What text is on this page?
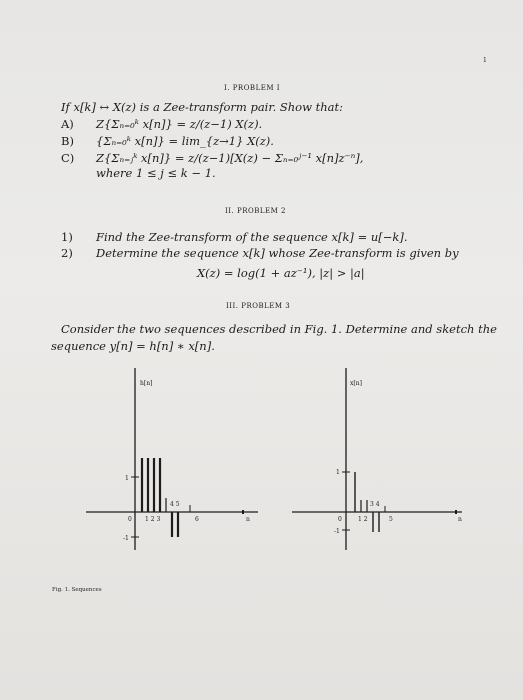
1
I. PROBLEM I
If x[k] ↔ X(z) is a Zee-transform pair. Show that:
A) Z{Σₙ₌₀ᵏ x[n]} = z/(z−1) X(z).
B) {Σₙ₌₀ᵏ x[n]} = lim_{z→1} X(z).
C) Z{Σₙ₌ⱼᵏ x[n]} = z/(z−1)[X(z) − Σₙ₌₀ʲ⁻¹ x[n]z⁻ⁿ],
where 1 ≤ j ≤ k − 1.
II. PROBLEM 2
1) Find the Zee-transform of the sequence x[k] = u[−k].
2) Determine the sequence x[k] whose Zee-transform is given by
X(z) = log(1 + az⁻¹), |z| > |a|
III. PROBLEM 3
Consider the two sequences described in Fig. 1. Determine and sketch the
sequence y[n] = h[n] ∗ x[n].
h[n]
1
-1
0 1 2 3
4 5
6	n
x[n]
1
-1
0	1 2
3 4
5	n
Fig. 1. Sequences
